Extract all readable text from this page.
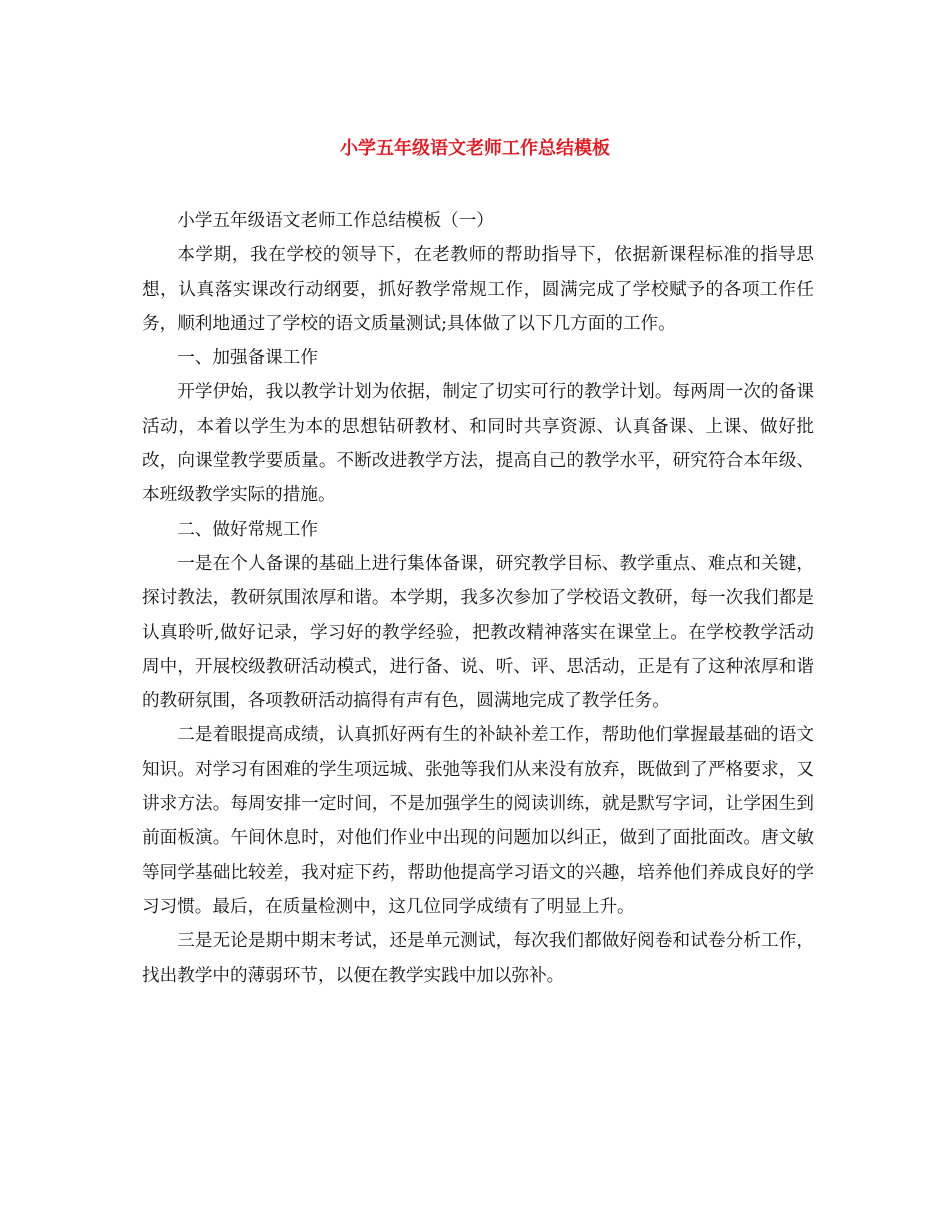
小学五年级语文老师工作总结模板

小学五年级语文老师工作总结模板（一）

本学期，我在学校的领导下，在老教师的帮助指导下，依据新课程标准的指导思想，认真落实课改行动纲要，抓好教学常规工作，圆满完成了学校赋予的各项工作任务，顺利地通过了学校的语文质量测试;具体做了以下几方面的工作。

一、加强备课工作

开学伊始，我以教学计划为依据，制定了切实可行的教学计划。每两周一次的备课活动，本着以学生为本的思想钻研教材、和同时共享资源、认真备课、上课、做好批改，向课堂教学要质量。不断改进教学方法，提高自己的教学水平，研究符合本年级、本班级教学实际的措施。

二、做好常规工作

一是在个人备课的基础上进行集体备课，研究教学目标、教学重点、难点和关键，探讨教法，教研氛围浓厚和谐。本学期，我多次参加了学校语文教研，每一次我们都是认真聆听,做好记录，学习好的教学经验，把教改精神落实在课堂上。在学校教学活动周中，开展校级教研活动模式，进行备、说、听、评、思活动，正是有了这种浓厚和谐的教研氛围，各项教研活动搞得有声有色，圆满地完成了教学任务。

二是着眼提高成绩，认真抓好两有生的补缺补差工作，帮助他们掌握最基础的语文知识。对学习有困难的学生项远城、张弛等我们从来没有放弃，既做到了严格要求，又讲求方法。每周安排一定时间，不是加强学生的阅读训练，就是默写字词，让学困生到前面板演。午间休息时，对他们作业中出现的问题加以纠正，做到了面批面改。唐文敏等同学基础比较差，我对症下药，帮助他提高学习语文的兴趣，培养他们养成良好的学习习惯。最后，在质量检测中，这几位同学成绩有了明显上升。

三是无论是期中期末考试，还是单元测试，每次我们都做好阅卷和试卷分析工作，找出教学中的薄弱环节，以便在教学实践中加以弥补。
